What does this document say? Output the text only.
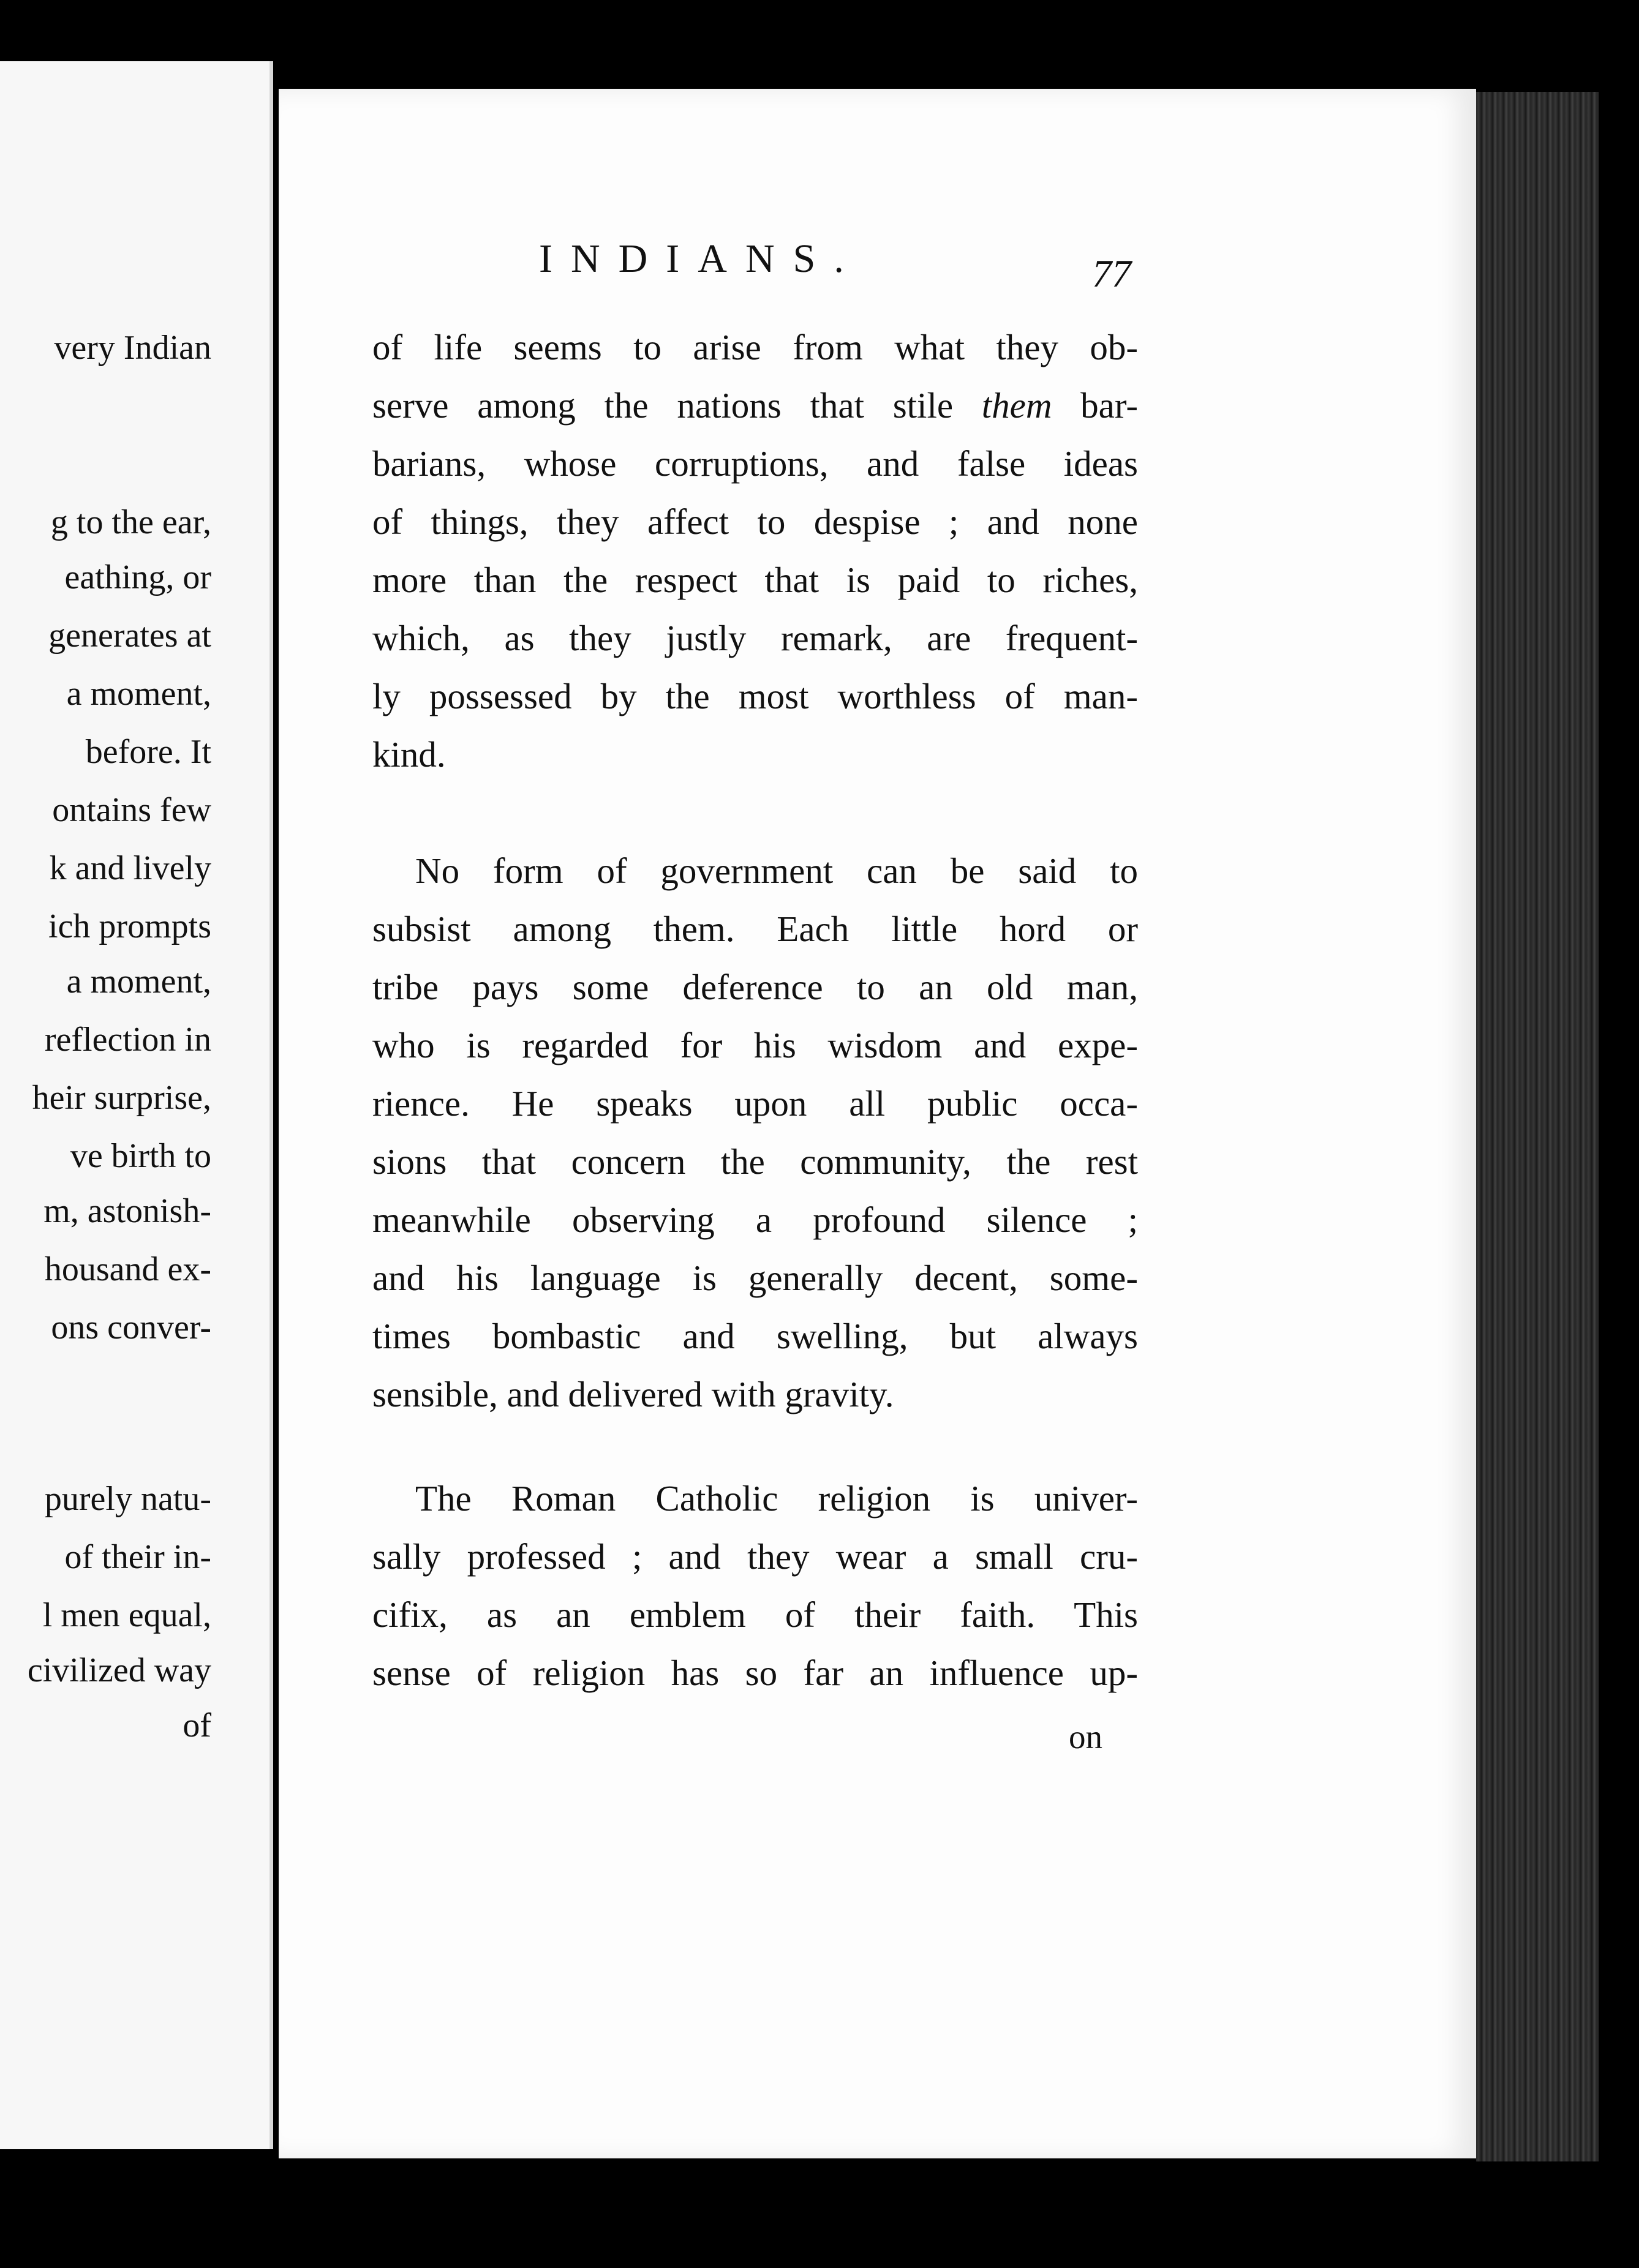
very Indian
g to the ear,
eathing, or
generates at
a moment,
before. It
ontains few
k and lively
ich prompts
a moment,
reflection in
heir surprise,
ve birth to
m, astonish-
housand ex-
ons conver-
purely natu-
of their in-
l men equal,
civilized way
of
INDIANS.	77
of life seems to arise from what they ob-
serve among the nations that stile them bar-
barians, whose corruptions, and false ideas
of things, they affect to despise ; and none
more than the respect that is paid to riches,
which, as they justly remark, are frequent-
ly possessed by the most worthless of man-
kind.
No form of government can be said to
subsist among them. Each little hord or
tribe pays some deference to an old man,
who is regarded for his wisdom and expe-
rience. He speaks upon all public occa-
sions that concern the community, the rest
meanwhile observing a profound silence ;
and his language is generally decent, some-
times bombastic and swelling, but always
sensible, and delivered with gravity.
The Roman Catholic religion is univer-
sally professed ; and they wear a small cru-
cifix, as an emblem of their faith. This
sense of religion has so far an influence up-
on
